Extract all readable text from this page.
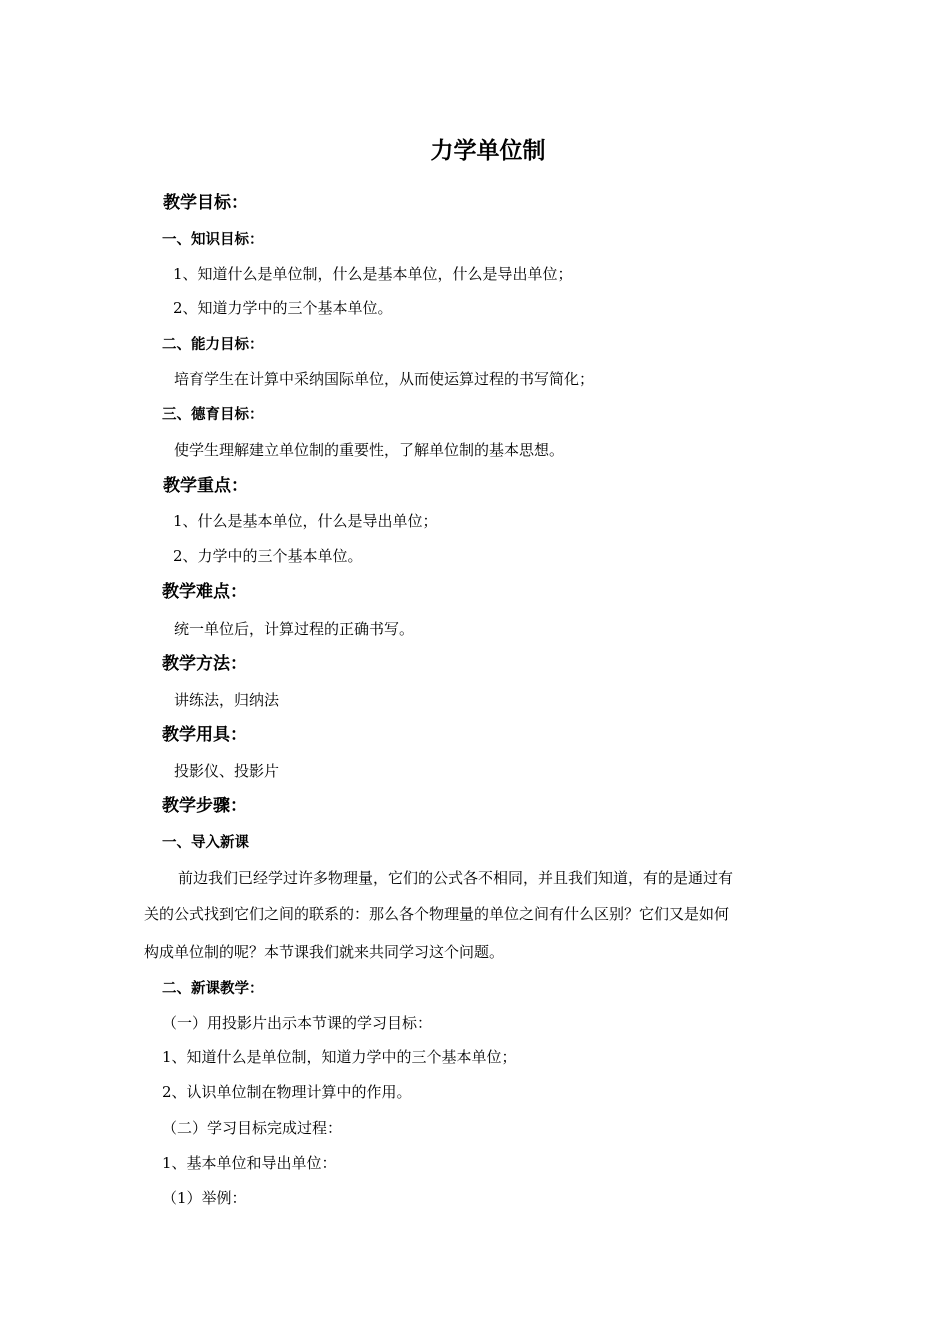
力学单位制
教学目标：
一、知识目标：
1、知道什么是单位制，什么是基本单位，什么是导出单位；
2、知道力学中的三个基本单位。
二、能力目标：
培育学生在计算中采纳国际单位，从而使运算过程的书写简化；
三、德育目标：
使学生理解建立单位制的重要性，了解单位制的基本思想。
教学重点：
1、什么是基本单位，什么是导出单位；
2、力学中的三个基本单位。
教学难点：
统一单位后，计算过程的正确书写。
教学方法：
讲练法，归纳法
教学用具：
投影仪、投影片
教学步骤：
一、导入新课
前边我们已经学过许多物理量，它们的公式各不相同，并且我们知道，有的是通过有
关的公式找到它们之间的联系的：那么各个物理量的单位之间有什么区别？它们又是如何
构成单位制的呢？本节课我们就来共同学习这个问题。
二、新课教学：
（一）用投影片出示本节课的学习目标：
1、知道什么是单位制，知道力学中的三个基本单位；
2、认识单位制在物理计算中的作用。
（二）学习目标完成过程：
1、基本单位和导出单位：
（1）举例：
